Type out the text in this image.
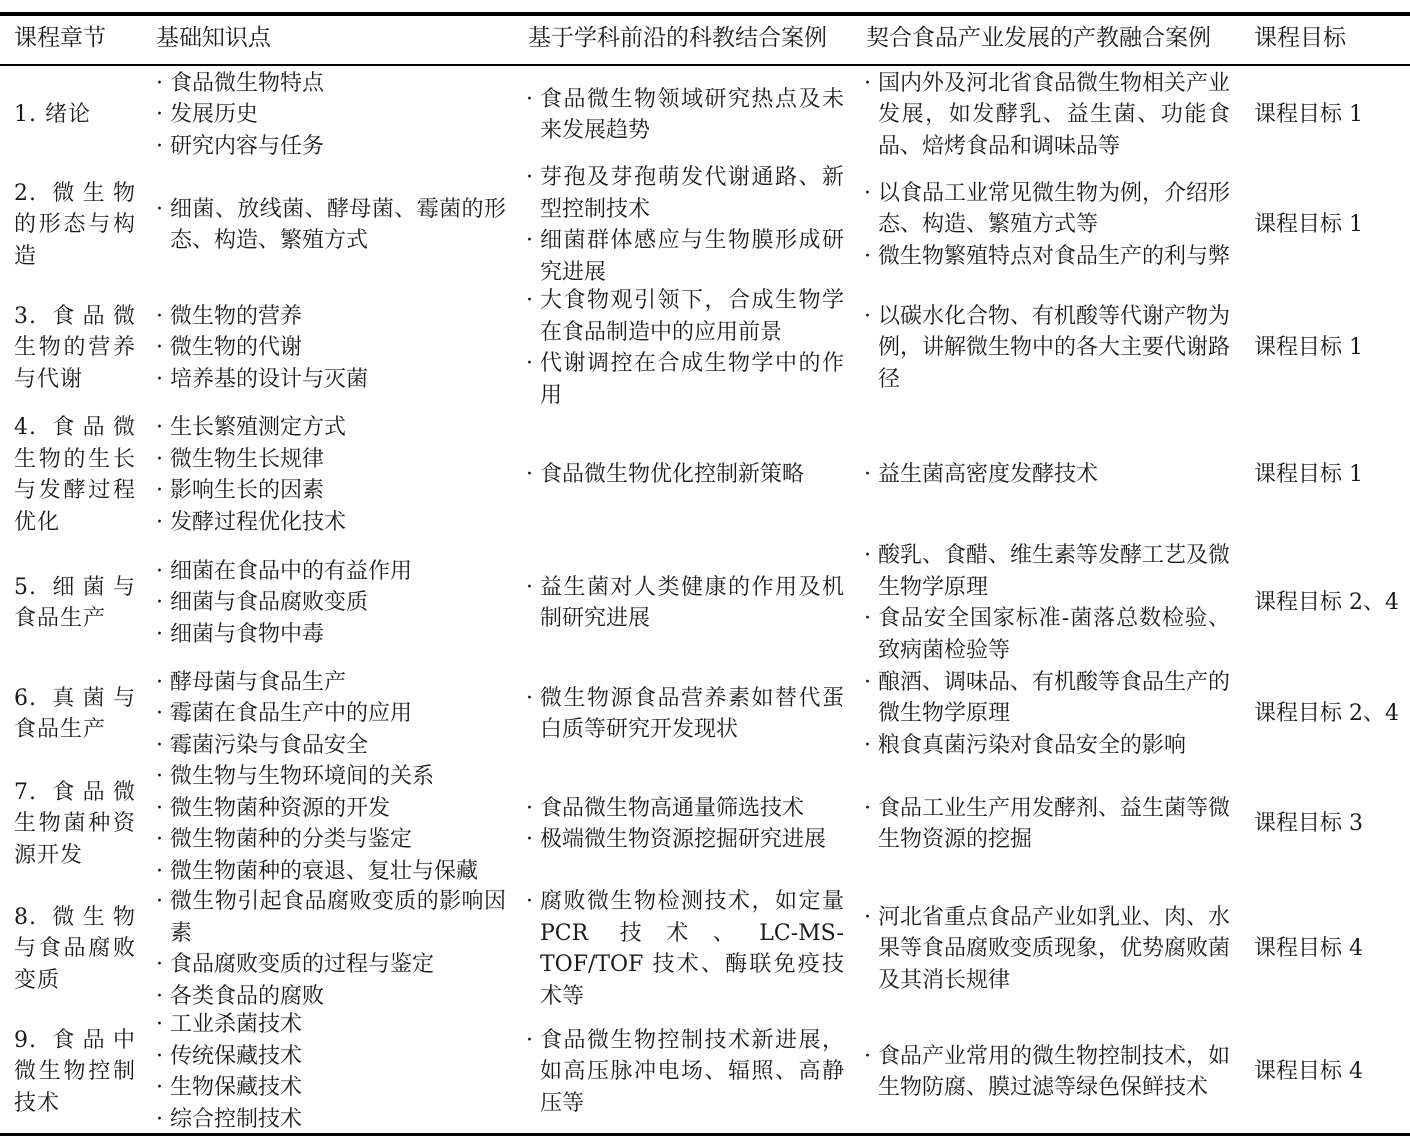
课程章节 基础知识点	基于学科前沿的科教结合案例 契合食品产业发展的产教融合案例 课程目标
1. 绪论
· 食品微生物特点
· 发展历史
· 研究内容与任务
· 食品微生物领域研究热点及未来发展趋势
· 国内外及河北省食品微生物相关产业发展，如发酵乳、益生菌、功能食品、焙烤食品和调味品等
课程目标 1
2. 微生物的形态与构造
· 细菌、放线菌、酵母菌、霉菌的形态、构造、繁殖方式
· 芽孢及芽孢萌发代谢通路、新型控制技术
· 细菌群体感应与生物膜形成研究进展
· 以食品工业常见微生物为例，介绍形态、构造、繁殖方式等
· 微生物繁殖特点对食品生产的利与弊
课程目标 1
3. 食品微生物的营养与代谢
· 微生物的营养
· 微生物的代谢
· 培养基的设计与灭菌
· 大食物观引领下，合成生物学在食品制造中的应用前景
· 代谢调控在合成生物学中的作用
· 以碳水化合物、有机酸等代谢产物为例，讲解微生物中的各大主要代谢路径
课程目标 1
4. 食品微生物的生长与发酵过程优化
· 生长繁殖测定方式
· 微生物生长规律
· 影响生长的因素
· 发酵过程优化技术
· 食品微生物优化控制新策略
·	益生菌高密度发酵技术	课程目标 1
5. 细菌与食品生产
· 细菌在食品中的有益作用
· 细菌与食品腐败变质
· 细菌与食物中毒
· 益生菌对人类健康的作用及机制研究进展
· 酸乳、食醋、维生素等发酵工艺及微生物学原理
· 食品安全国家标准-菌落总数检验、致病菌检验等
课程目标 2、4
6. 真菌与食品生产
· 酵母菌与食品生产
· 霉菌在食品生产中的应用
· 霉菌污染与食品安全
· 微生物源食品营养素如替代蛋白质等研究开发现状
· 酿酒、调味品、有机酸等食品生产的微生物学原理
· 粮食真菌污染对食品安全的影响
课程目标 2、4
7. 食品微生物菌种资源开发
· 微生物与生物环境间的关系
· 微生物菌种资源的开发
· 微生物菌种的分类与鉴定
· 微生物菌种的衰退、复壮与保藏
· 食品微生物高通量筛选技术
· 极端微生物资源挖掘研究进展
· 食品工业生产用发酵剂、益生菌等微生物资源的挖掘
课程目标 3
8. 微生物与食品腐败变质
· 微生物引起食品腐败变质的影响因素
· 食品腐败变质的过程与鉴定
· 各类食品的腐败
· 腐败微生物检测技术，如定量 PCR 技术、LC-MS-TOF/TOF 技术、酶联免疫技术等
· 河北省重点食品产业如乳业、肉、水果等食品腐败变质现象，优势腐败菌及其消长规律
课程目标 4
9. 食品中微生物控制技术
· 工业杀菌技术
· 传统保藏技术
· 生物保藏技术
· 综合控制技术
· 食品微生物控制技术新进展，如高压脉冲电场、辐照、高静压等
· 食品产业常用的微生物控制技术，如生物防腐、膜过滤等绿色保鲜技术
课程目标 4
